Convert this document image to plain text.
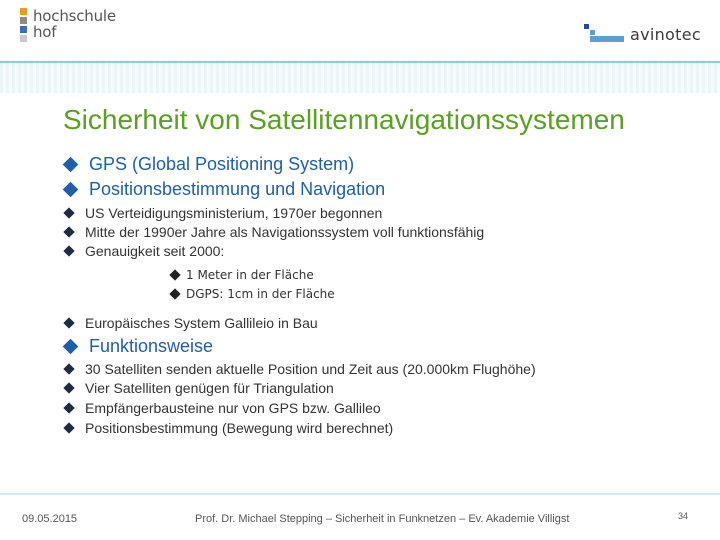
hochschule
hof	avinotec
Sicherheit von Satellitennavigationssystemen
GPS (Global Positioning System)
Positionsbestimmung und Navigation
US Verteidigungsministerium, 1970er begonnen
Mitte der 1990er Jahre als Navigationssystem voll funktionsfähig
Genauigkeit seit 2000:
1 Meter in der Fläche
DGPS: 1cm in der Fläche
Europäisches System Gallileio in Bau
Funktionsweise
30 Satelliten senden aktuelle Position und Zeit aus (20.000km Flughöhe)
Vier Satelliten genügen für Triangulation
Empfängerbausteine nur von GPS bzw. Gallileo
Positionsbestimmung (Bewegung wird berechnet)
09.05.2015	Prof. Dr. Michael Stepping – Sicherheit in Funknetzen – Ev. Akademie Villigst	34
